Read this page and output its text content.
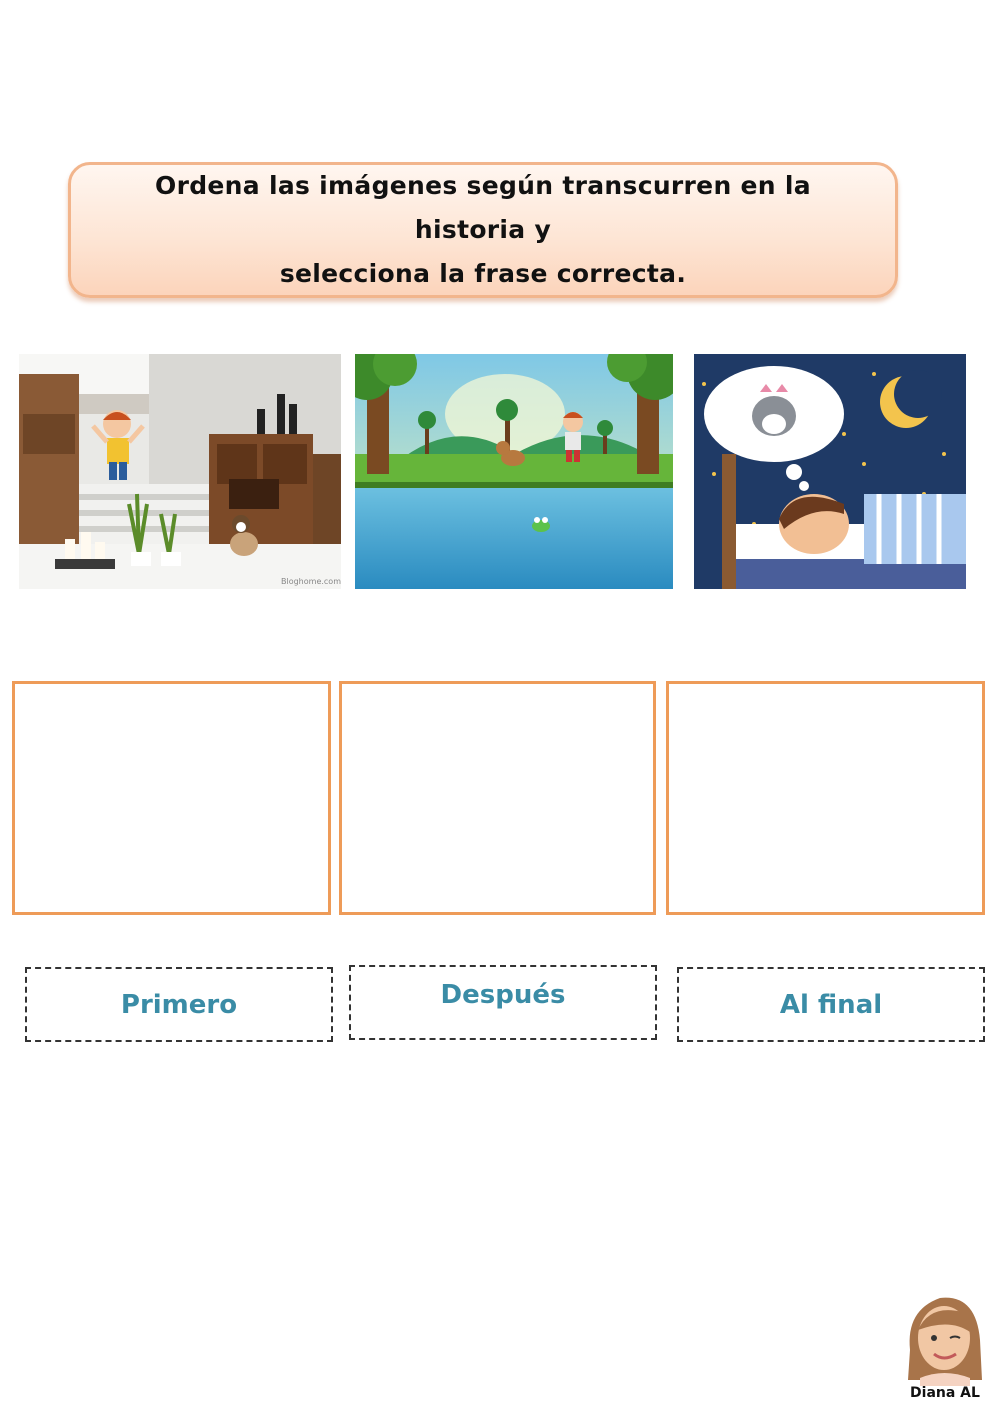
Ordena las imágenes según transcurren en la historia y
selecciona la frase correcta.
Bloghome.com
Primero	Después	Al final
Diana AL
